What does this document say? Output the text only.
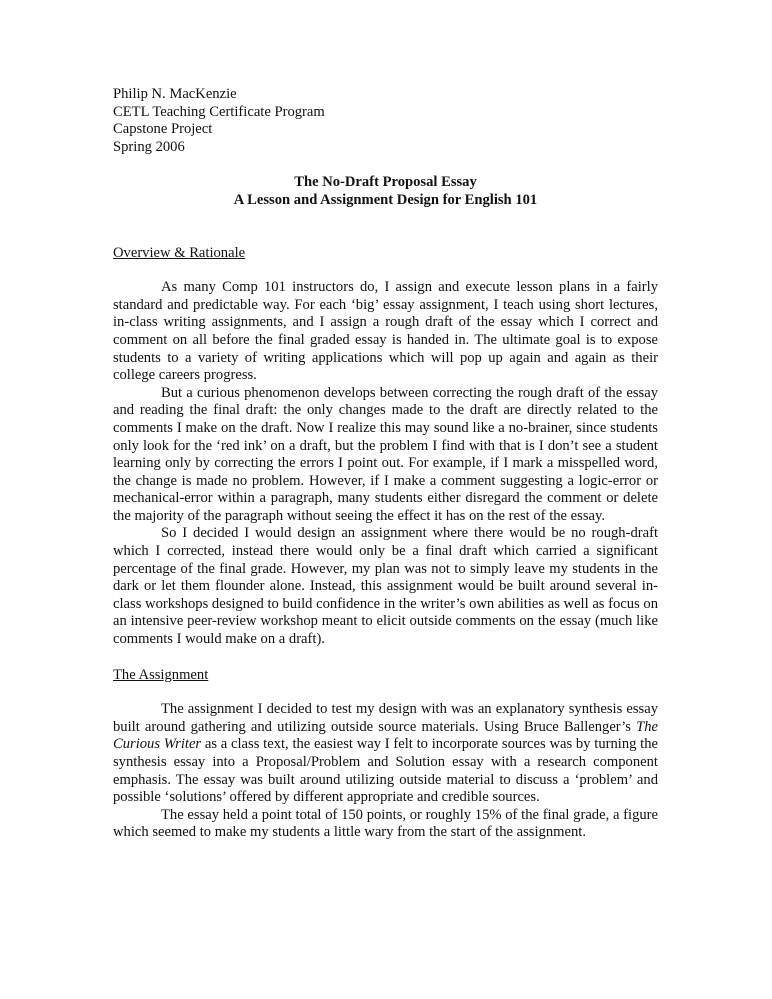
Philip N. MacKenzie

CETL Teaching Certificate Program

Capstone Project

Spring 2006

The No-Draft Proposal Essay

A Lesson and Assignment Design for English 101

Overview & Rationale

As many Comp 101 instructors do, I assign and execute lesson plans in a fairly standard and predictable way. For each ‘big’ essay assignment, I teach using short lectures, in-class writing assignments, and I assign a rough draft of the essay which I correct and comment on all before the final graded essay is handed in. The ultimate goal is to expose students to a variety of writing applications which will pop up again and again as their college careers progress.

But a curious phenomenon develops between correcting the rough draft of the essay and reading the final draft: the only changes made to the draft are directly related to the comments I make on the draft. Now I realize this may sound like a no-brainer, since students only look for the ‘red ink’ on a draft, but the problem I find with that is I don’t see a student learning only by correcting the errors I point out. For example, if I mark a misspelled word, the change is made no problem. However, if I make a comment suggesting a logic-error or mechanical-error within a paragraph, many students either disregard the comment or delete the majority of the paragraph without seeing the effect it has on the rest of the essay.

So I decided I would design an assignment where there would be no rough-draft which I corrected, instead there would only be a final draft which carried a significant percentage of the final grade. However, my plan was not to simply leave my students in the dark or let them flounder alone. Instead, this assignment would be built around several in-class workshops designed to build confidence in the writer’s own abilities as well as focus on an intensive peer-review workshop meant to elicit outside comments on the essay (much like comments I would make on a draft).

The Assignment

The assignment I decided to test my design with was an explanatory synthesis essay built around gathering and utilizing outside source materials. Using Bruce Ballenger’s The Curious Writer as a class text, the easiest way I felt to incorporate sources was by turning the synthesis essay into a Proposal/Problem and Solution essay with a research component emphasis. The essay was built around utilizing outside material to discuss a ‘problem’ and possible ‘solutions’ offered by different appropriate and credible sources.

The essay held a point total of 150 points, or roughly 15% of the final grade, a figure which seemed to make my students a little wary from the start of the assignment.
